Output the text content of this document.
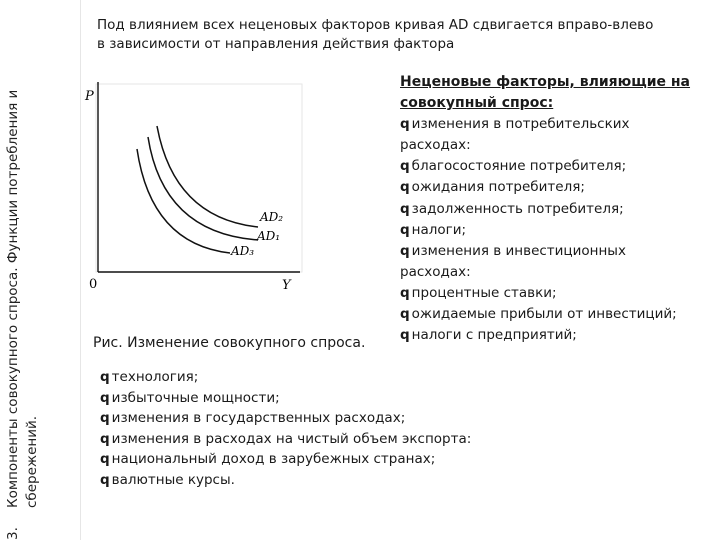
3.
Компоненты совокупного спроса. Функции потребления и сбережений.
Под влиянием всех неценовых факторов кривая AD сдвигается вправо-влево
в зависимости от направления действия фактора
P
Y
0
AD₂
AD₁
AD₃
Рис. Изменение совокупного спроса.
Неценовые факторы, влияющие на
совокупный спрос:
q изменения в потребительских
расходах:
q благосостояние потребителя;
q ожидания потребителя;
q задолженность потребителя;
q налоги;
q изменения в инвестиционных
расходах:
q процентные ставки;
q ожидаемые прибыли от инвестиций;
q налоги с предприятий;
q технология;
q избыточные мощности;
q изменения в государственных расходах;
q изменения в расходах на чистый объем экспорта:
q национальный доход в зарубежных странах;
q валютные курсы.
